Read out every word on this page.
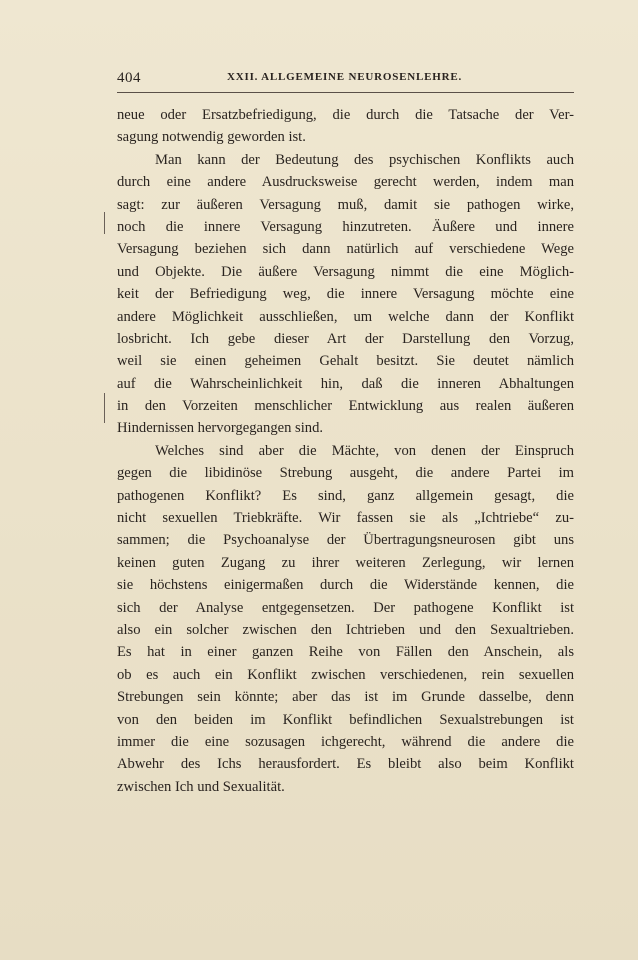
404	XXII. ALLGEMEINE NEUROSENLEHRE.
neue oder Ersatzbefriedigung, die durch die Tatsache der Ver-
sagung notwendig geworden ist.
Man kann der Bedeutung des psychischen Konflikts auch
durch eine andere Ausdrucksweise gerecht werden, indem man
sagt: zur äußeren Versagung muß, damit sie pathogen wirke,
noch die innere Versagung hinzutreten. Äußere und innere
Versagung beziehen sich dann natürlich auf verschiedene Wege
und Objekte. Die äußere Versagung nimmt die eine Möglich-
keit der Befriedigung weg, die innere Versagung möchte eine
andere Möglichkeit ausschließen, um welche dann der Konflikt
losbricht. Ich gebe dieser Art der Darstellung den Vorzug,
weil sie einen geheimen Gehalt besitzt. Sie deutet nämlich
auf die Wahrscheinlichkeit hin, daß die inneren Abhaltungen
in den Vorzeiten menschlicher Entwicklung aus realen äußeren
Hindernissen hervorgegangen sind.
Welches sind aber die Mächte, von denen der Einspruch
gegen die libidinöse Strebung ausgeht, die andere Partei im
pathogenen Konflikt? Es sind, ganz allgemein gesagt, die
nicht sexuellen Triebkräfte. Wir fassen sie als „Ichtriebe“ zu-
sammen; die Psychoanalyse der Übertragungsneurosen gibt uns
keinen guten Zugang zu ihrer weiteren Zerlegung, wir lernen
sie höchstens einigermaßen durch die Widerstände kennen, die
sich der Analyse entgegensetzen. Der pathogene Konflikt ist
also ein solcher zwischen den Ichtrieben und den Sexualtrieben.
Es hat in einer ganzen Reihe von Fällen den Anschein, als
ob es auch ein Konflikt zwischen verschiedenen, rein sexuellen
Strebungen sein könnte; aber das ist im Grunde dasselbe, denn
von den beiden im Konflikt befindlichen Sexualstrebungen ist
immer die eine sozusagen ichgerecht, während die andere die
Abwehr des Ichs herausfordert. Es bleibt also beim Konflikt
zwischen Ich und Sexualität.
